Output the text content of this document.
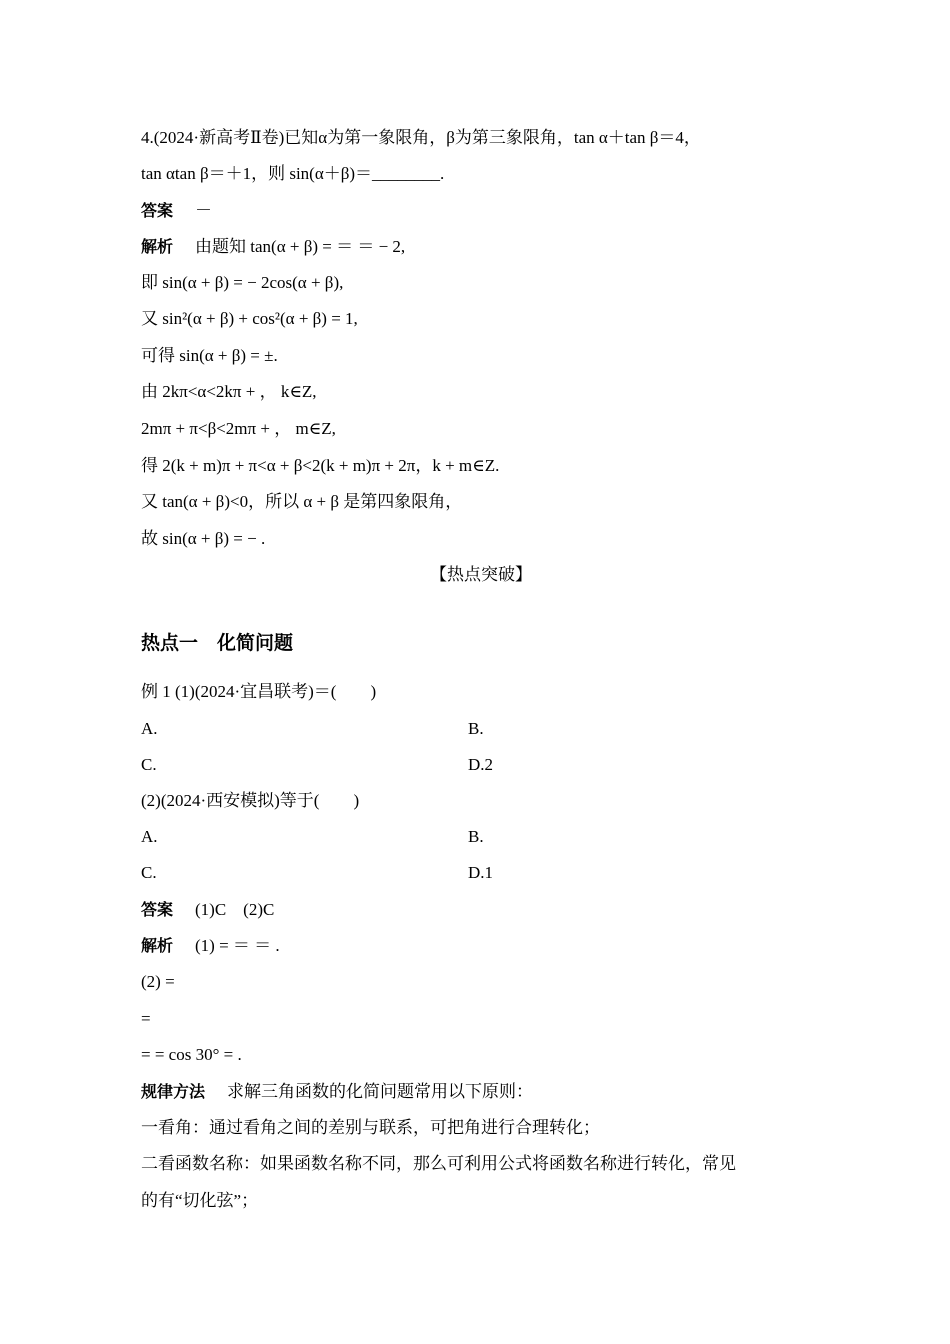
4.(2024·新高考Ⅱ卷)已知α为第一象限角，β为第三象限角，tan α＋tan β＝4，
tan αtan β＝＋1，则 sin(α＋β)＝________.
答案 －
解析 由题知 tan(α + β) = ＝ ＝ − 2,
即 sin(α + β) = − 2cos(α + β),
又 sin²(α + β) + cos²(α + β) = 1,
可得 sin(α + β) = ±.
由 2kπ<α<2kπ + ， k∈Z,
2mπ + π<β<2mπ + ， m∈Z,
得 2(k + m)π + π<α + β<2(k + m)π + 2π，k + m∈Z.
又 tan(α + β)<0，所以 α + β 是第四象限角，
故 sin(α + β) = − .
【热点突破】
热点一　化简问题
例 1 (1)(2024·宜昌联考)＝(　　)
A.	B.
C.	D.2
(2)(2024·西安模拟)等于(　　)
A.	B.
C.	D.1
答案 (1)C　(2)C
解析 (1) = ＝ ＝ .
(2) =
=
= = cos 30° = .
规律方法 求解三角函数的化简问题常用以下原则：
一看角：通过看角之间的差别与联系，可把角进行合理转化；
二看函数名称：如果函数名称不同，那么可利用公式将函数名称进行转化，常见
的有“切化弦”；
